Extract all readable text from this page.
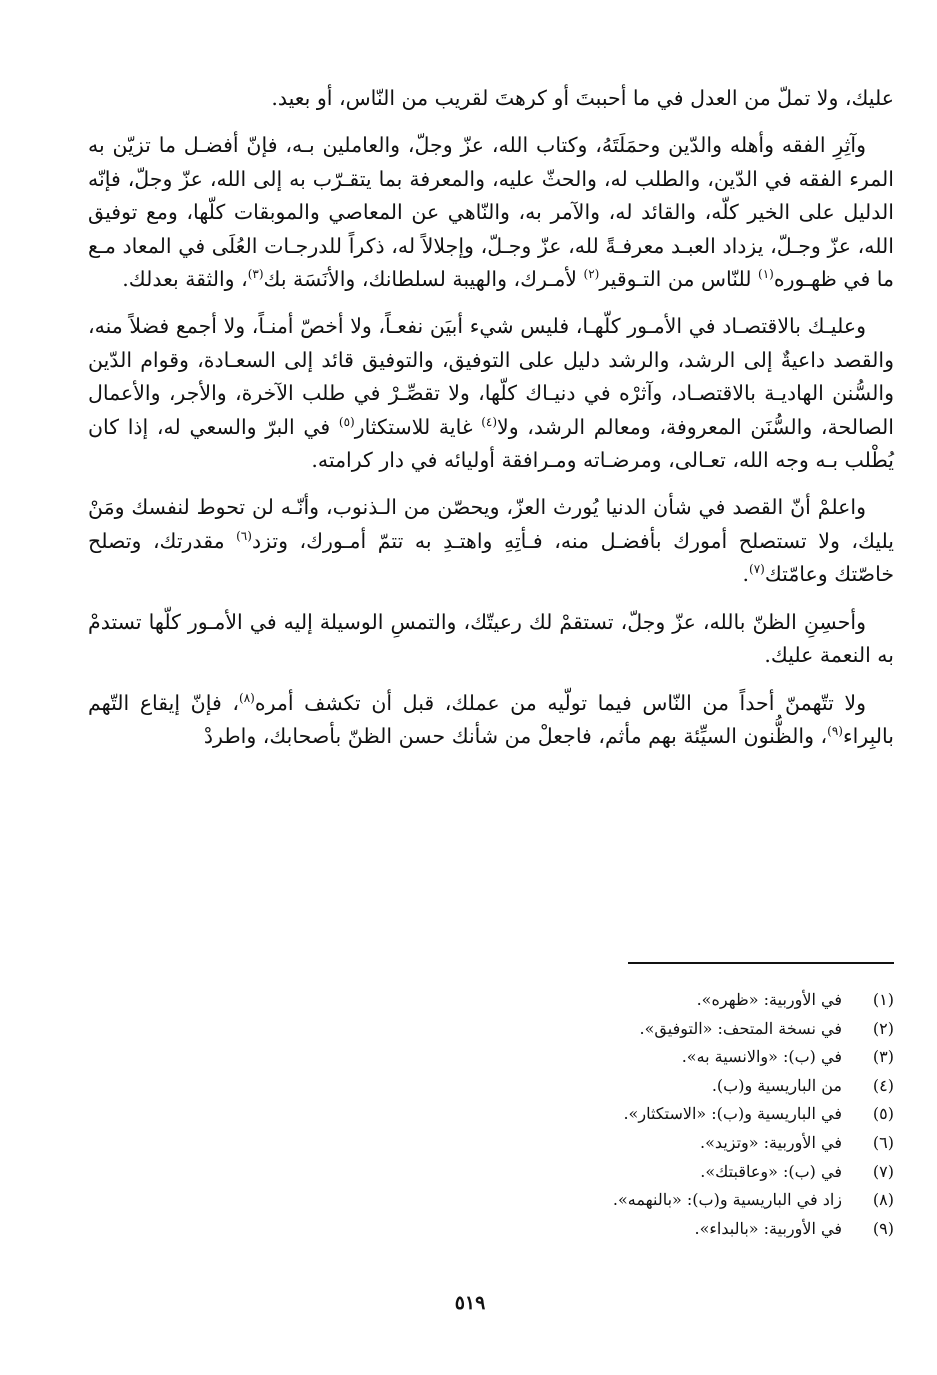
عليك، ولا تملّ من العدل في ما أحببتَ أو كرهتَ لقريب من النّاس، أو بعيد.

وآثِرِ الفقه وأهله والدّين وحمَلَتَهُ، وكتاب الله، عزّ وجلّ، والعاملين بـه، فإنّ أفضـل ما تزيّن به المرء الفقه في الدّين، والطلب له، والحثّ عليه، والمعرفة بما يتقـرّب به إلى الله، عزّ وجلّ، فإنّه الدليل على الخير كلّه، والقائد له، والآمر به، والنّاهي عن المعاصي والموبقات كلّها، ومع توفيق الله، عزّ وجـلّ، يزداد العبـد معرفـةً لله، عزّ وجـلّ، وإجلالاً له، ذكراً للدرجـات العُلَى في المعاد مـع ما في ظهـوره$^{(١)}$ للنّاس من التـوقير$^{(٢)}$ لأمـرك، والهيبة لسلطانك، والأنَسَة بك$^{(٣)}$، والثقة بعدلك.

وعليـك بالاقتصـاد في الأمـور كلّهـا، فليس شيء أبيَن نفعـاً، ولا أخصّ أمنـاً، ولا أجمع فضلاً منه، والقصد داعيةٌ إلى الرشد، والرشد دليل على التوفيق، والتوفيق قائد إلى السعـادة، وقوام الدّين والسُّنن الهاديـة بالاقتصـاد، وآثرْه في دنيـاك كلّها، ولا تقصِّـرْ في طلب الآخرة، والأجر، والأعمال الصالحة، والسُّنَن المعروفة، ومعالم الرشد، ولا$^{(٤)}$ غاية للاستكثار$^{(٥)}$ في البرّ والسعي له، إذا كان يُطْلب بـه وجه الله، تعـالى، ومرضـاته ومـرافقة أوليائه في دار كرامته.

واعلمْ أنّ القصد في شأن الدنيا يُورث العزّ، ويحصّن من الـذنوب، وأنّـه لن تحوط لنفسك ومَنْ يليك، ولا تستصلح أمورك بأفضـل منه، فـأتِهِ واهتـدِ به تتمّ أمـورك، وتزد$^{(٦)}$ مقدرتك، وتصلح خاصّتك وعامّتك$^{(٧)}$.

وأحسِنِ الظنّ بالله، عزّ وجلّ، تستقمْ لك رعيتّك، والتمسِ الوسيلة إليه في الأمـور كلّها تستدمْ به النعمة عليك.

ولا تتّهمنّ أحداً من النّاس فيما تولّيه من عملك، قبل أن تكشف أمره$^{(٨)}$، فإنّ إيقاع التّهم بالبِراء$^{(٩)}$، والظُّنون السيِّئة بهم مأثم، فاجعلْ من شأنك حسن الظنّ بأصحابك، واطردْ

(١)
في الأوربية: «ظهره».
(٢)
في نسخة المتحف: «التوفيق».
(٣)
في (ب): «والانسية به».
(٤)
من الباريسية و(ب).
(٥)
في الباريسية و(ب): «الاستكثار».
(٦)
في الأوربية: «وتزيد».
(٧)
في (ب): «وعاقبتك».
(٨)
زاد في الباريسية و(ب): «بالنهمه».
(٩)
في الأوربية: «بالبداء».
٥١٩
